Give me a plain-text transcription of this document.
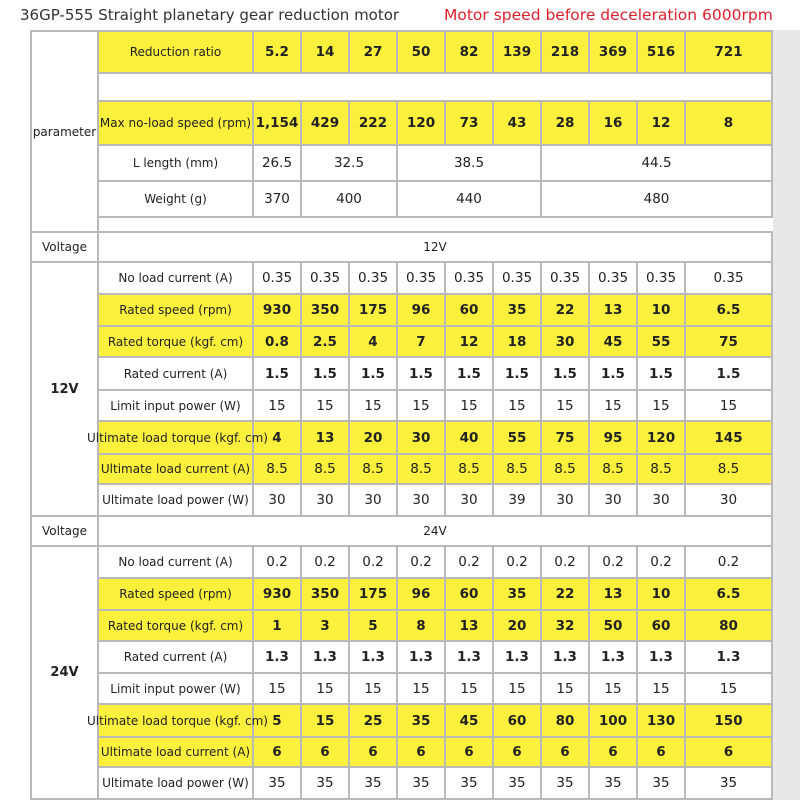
36GP-555 Straight planetary gear reduction motor	Motor speed before deceleration 6000rpm
parameter	Reduction ratio	5.2	14	27	50	82	139	218	369	516	721

	Max no-load speed (rpm)	1,154	429	222	120	73	43	28	16	12	8
	L length (mm)	26.5	32.5		38.5			44.5			
	Weight (g)	370	400		440			480			

Voltage	12V										
12V	No load current (A)	0.35	0.35	0.35	0.35	0.35	0.35	0.35	0.35	0.35	0.35
	Rated speed (rpm)	930	350	175	96	60	35	22	13	10	6.5
	Rated torque (kgf. cm)	0.8	2.5	4	7	12	18	30	45	55	75
	Rated current (A)	1.5	1.5	1.5	1.5	1.5	1.5	1.5	1.5	1.5	1.5
	Limit input power (W)	15	15	15	15	15	15	15	15	15	15
	Ultimate load torque (kgf. cm)	4	13	20	30	40	55	75	95	120	145
	Ultimate load current (A)	8.5	8.5	8.5	8.5	8.5	8.5	8.5	8.5	8.5	8.5
	Ultimate load power (W)	30	30	30	30	30	39	30	30	30	30
Voltage	24V										
24V	No load current (A)	0.2	0.2	0.2	0.2	0.2	0.2	0.2	0.2	0.2	0.2
	Rated speed (rpm)	930	350	175	96	60	35	22	13	10	6.5
	Rated torque (kgf. cm)	1	3	5	8	13	20	32	50	60	80
	Rated current (A)	1.3	1.3	1.3	1.3	1.3	1.3	1.3	1.3	1.3	1.3
	Limit input power (W)	15	15	15	15	15	15	15	15	15	15
	Ultimate load torque (kgf. cm)	5	15	25	35	45	60	80	100	130	150
	Ultimate load current (A)	6	6	6	6	6	6	6	6	6	6
	Ultimate load power (W)	35	35	35	35	35	35	35	35	35	35
